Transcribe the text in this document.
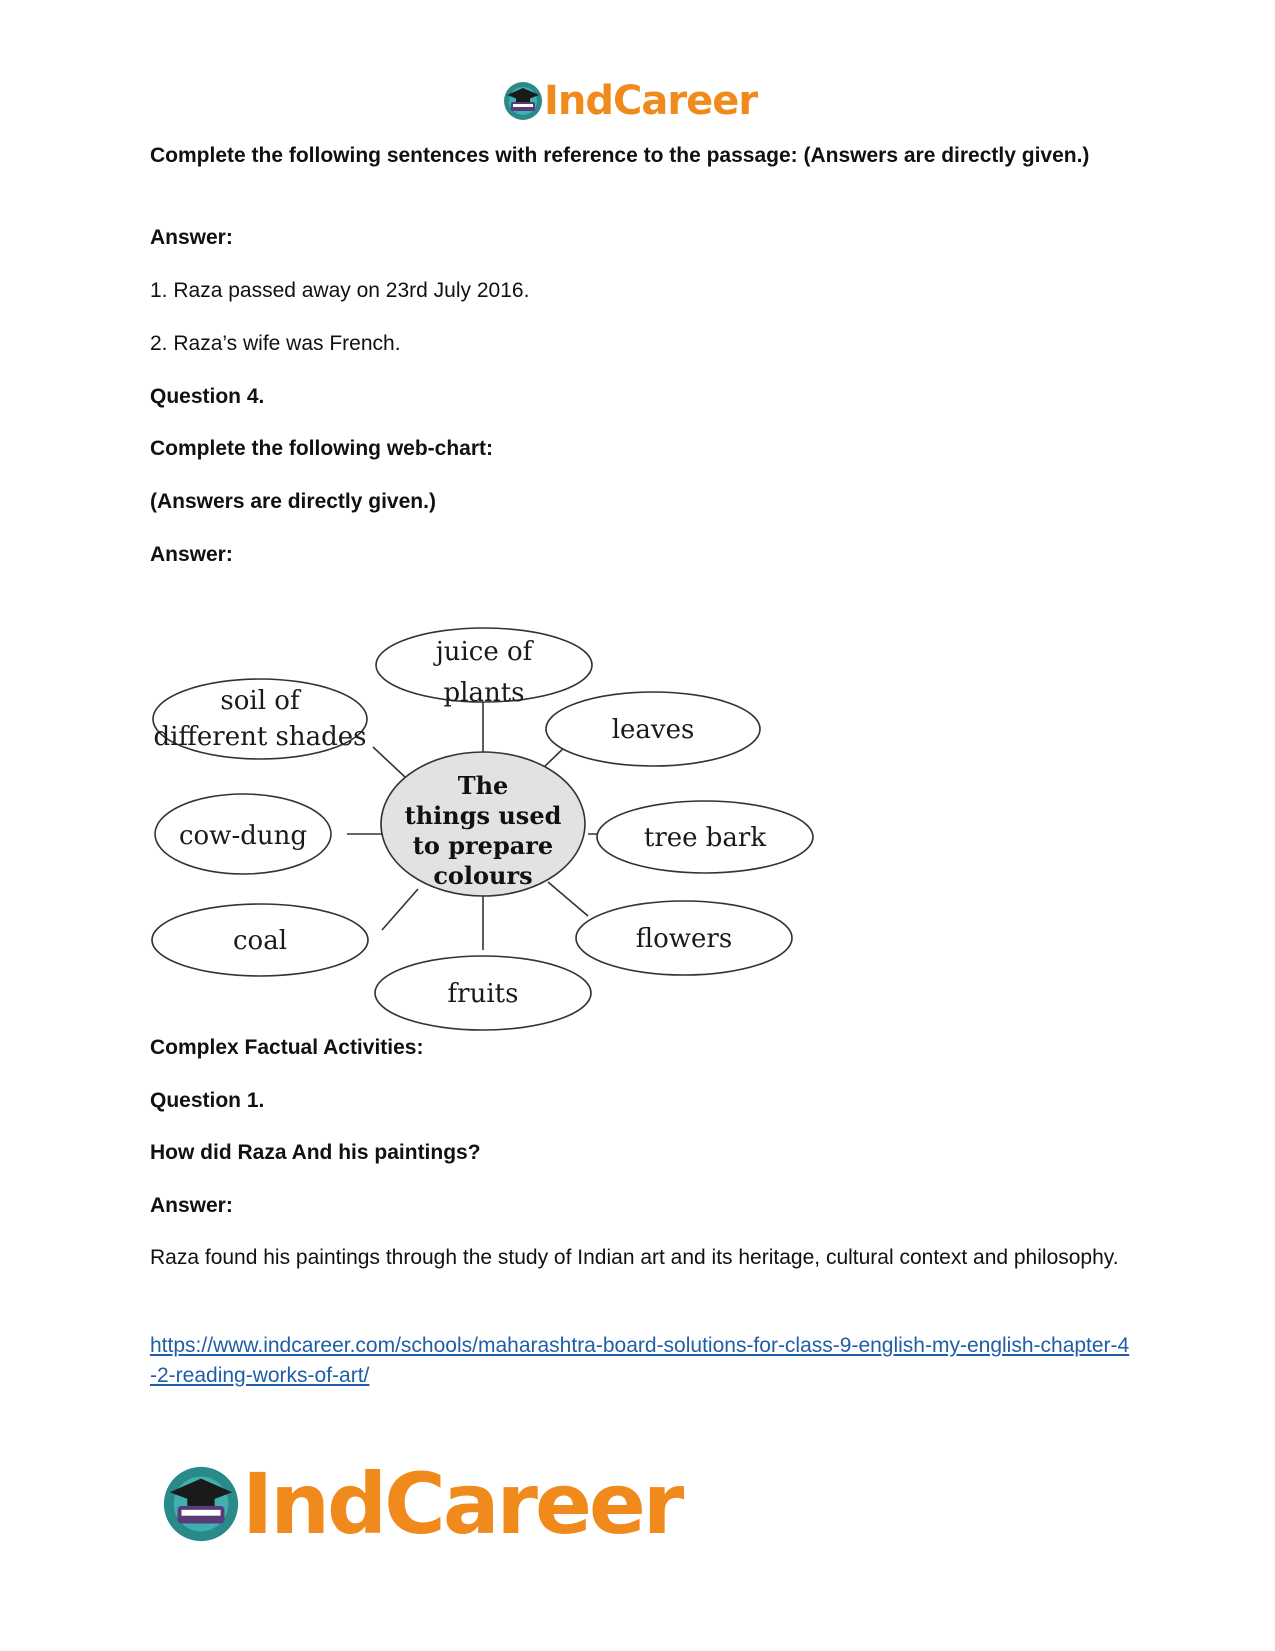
IndCareer

Complete the following sentences with reference to the passage: (Answers are directly given.)

Answer:

1. Raza passed away on 23rd July 2016.

2. Raza’s wife was French.

Question 4.

Complete the following web-chart:

(Answers are directly given.)

Answer:

juice of
plants
soil of
different shades	leaves
cow-dung	tree bark
coal	flowers
fruits
The
things used
to prepare
colours

Complex Factual Activities:

Question 1.

How did Raza And his paintings?

Answer:

Raza found his paintings through the study of Indian art and its heritage, cultural context and philosophy.

https://www.indcareer.com/schools/maharashtra-board-solutions-for-class-9-english-my-english-chapter-4-2-reading-works-of-art/
IndCareer
